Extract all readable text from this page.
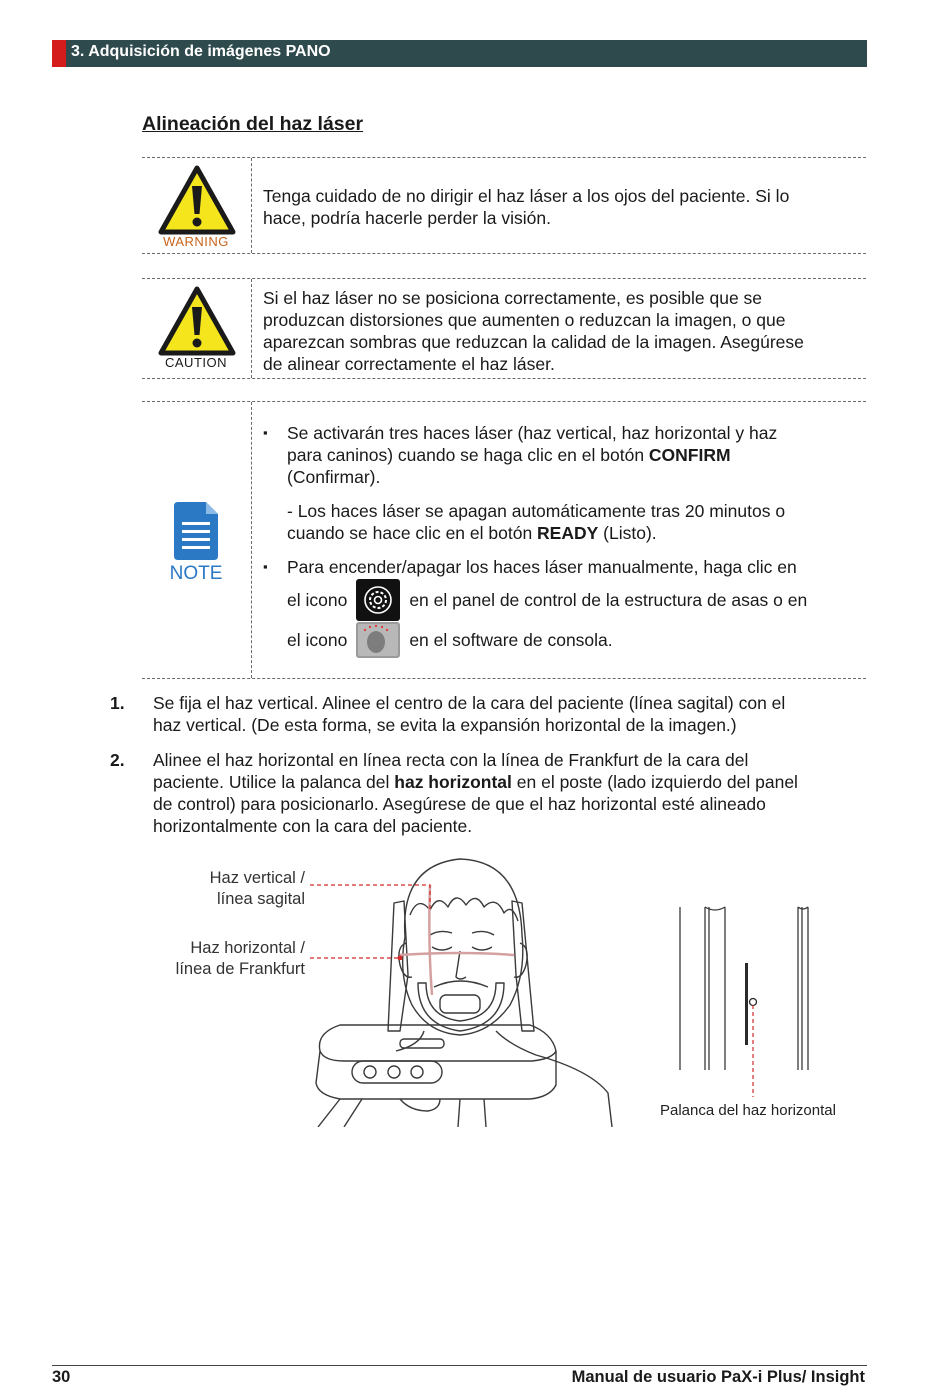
3. Adquisición de imágenes PANO
Alineación del haz láser
WARNING
Tenga cuidado de no dirigir el haz láser a los ojos del paciente. Si lo
hace, podría hacerle perder la visión.
CAUTION
Si el haz láser no se posiciona correctamente, es posible que se
produzcan distorsiones que aumenten o reduzcan la imagen, o que
aparezcan sombras que reduzcan la calidad de la imagen. Asegúrese
de alinear correctamente el haz láser.
NOTE
▪ Se activarán tres haces láser (haz vertical, haz horizontal y haz
para caninos) cuando se haga clic en el botón CONFIRM
(Confirmar).
- Los haces láser se apagan automáticamente tras 20 minutos o
cuando se hace clic en el botón READY (Listo).
▪ Para encender/apagar los haces láser manualmente, haga clic en
el icono	en el panel de control de la estructura de asas o en
el icono	en el software de consola.
1. Se fija el haz vertical. Alinee el centro de la cara del paciente (línea sagital) con el
haz vertical. (De esta forma, se evita la expansión horizontal de la imagen.)
2. Alinee el haz horizontal en línea recta con la línea de Frankfurt de la cara del
paciente. Utilice la palanca del haz horizontal en el poste (lado izquierdo del panel
de control) para posicionarlo. Asegúrese de que el haz horizontal esté alineado
horizontalmente con la cara del paciente.
Haz vertical /
línea sagital
Haz horizontal /
línea de Frankfurt
Palanca del haz horizontal
30	Manual de usuario PaX-i Plus/ Insight
